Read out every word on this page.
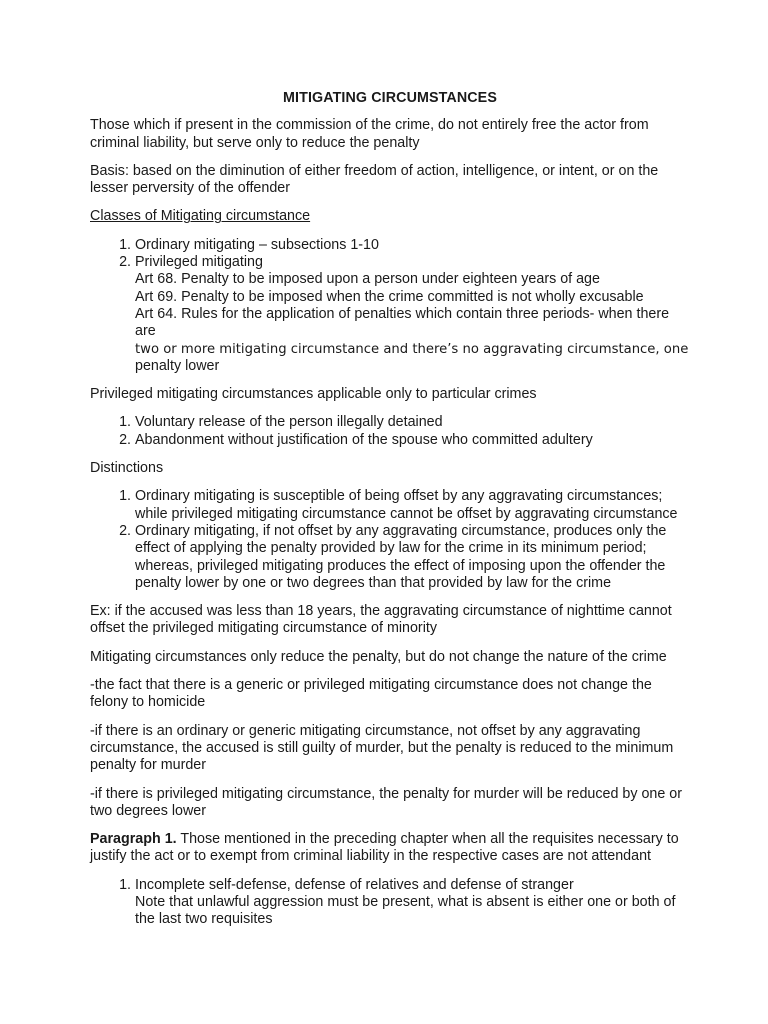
MITIGATING CIRCUMSTANCES

Those which if present in the commission of the crime, do not entirely free the actor from criminal liability, but serve only to reduce the penalty

Basis: based on the diminution of either freedom of action, intelligence, or intent, or on the lesser perversity of the offender

Classes of Mitigating circumstance

1. Ordinary mitigating – subsections 1-10
2. Privileged mitigating
Art 68. Penalty to be imposed upon a person under eighteen years of age
Art 69. Penalty to be imposed when the crime committed is not wholly excusable
Art 64. Rules for the application of penalties which contain three periods- when there are
two or more mitigating circumstance and there’s no aggravating circumstance, one
penalty lower

Privileged mitigating circumstances applicable only to particular crimes

1. Voluntary release of the person illegally detained
2. Abandonment without justification of the spouse who committed adultery

Distinctions

1. Ordinary mitigating is susceptible of being offset by any aggravating circumstances; while privileged mitigating circumstance cannot be offset by aggravating circumstance
2. Ordinary mitigating, if not offset by any aggravating circumstance, produces only the effect of applying the penalty provided by law for the crime in its minimum period; whereas, privileged mitigating produces the effect of imposing upon the offender the penalty lower by one or two degrees than that provided by law for the crime

Ex: if the accused was less than 18 years, the aggravating circumstance of nighttime cannot offset the privileged mitigating circumstance of minority

Mitigating circumstances only reduce the penalty, but do not change the nature of the crime

-the fact that there is a generic or privileged mitigating circumstance does not change the felony to homicide

-if there is an ordinary or generic mitigating circumstance, not offset by any aggravating circumstance, the accused is still guilty of murder, but the penalty is reduced to the minimum penalty for murder

-if there is privileged mitigating circumstance, the penalty for murder will be reduced by one or two degrees lower

Paragraph 1. Those mentioned in the preceding chapter when all the requisites necessary to justify the act or to exempt from criminal liability in the respective cases are not attendant

1. Incomplete self-defense, defense of relatives and defense of stranger
Note that unlawful aggression must be present, what is absent is either one or both of the last two requisites
